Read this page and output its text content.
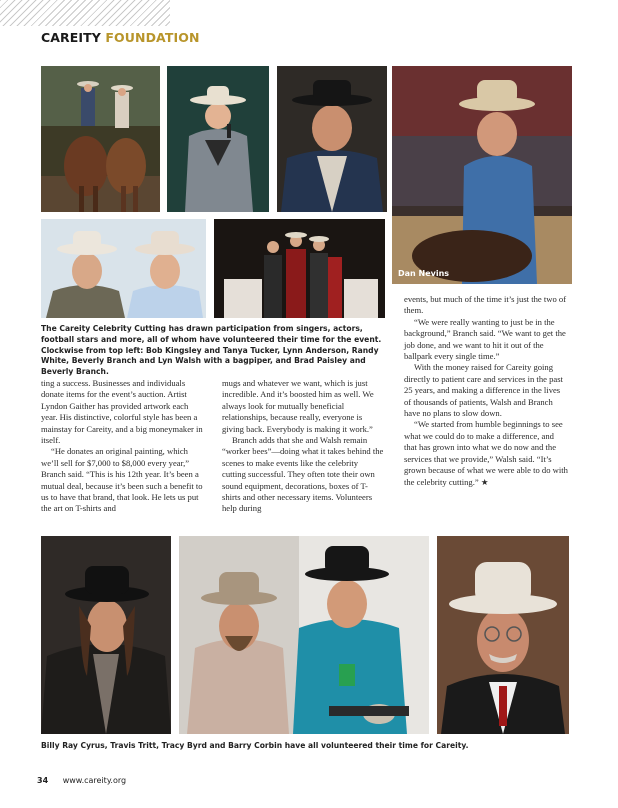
CAREITY FOUNDATION
Dan Nevins
The Careity Celebrity Cutting has drawn participation from singers, actors, football stars and more, all of whom have volunteered their time for the event. Clockwise from top left: Bob Kingsley and Tanya Tucker, Lynn Anderson, Randy White, Beverly Branch and Lyn Walsh with a bagpiper, and Brad Paisley and Beverly Branch.

ting a success. Businesses and individuals donate items for the event’s auction. Artist Lyndon Gaither has provided artwork each year. His distinctive, colorful style has been a mainstay for Careity, and a big moneymaker in itself.

“He donates an original painting, which we’ll sell for $7,000 to $8,000 every year,” Branch said. “This is his 12th year. It’s been a mutual deal, because it’s been such a benefit to us to have that brand, that look. He lets us put the art on T-shirts and

mugs and whatever we want, which is just incredible. And it’s boosted him as well. We always look for mutually beneficial relationships, because really, everyone is giving back. Everybody is making it work.”

Branch adds that she and Walsh remain “worker bees”—doing what it takes behind the scenes to make events like the celebrity cutting successful. They often tote their own sound equipment, decorations, boxes of T-shirts and other necessary items. Volunteers help during

events, but much of the time it’s just the two of them.

“We were really wanting to just be in the background,” Branch said. “We want to get the job done, and we want to hit it out of the ballpark every single time.”

With the money raised for Careity going directly to patient care and services in the past 25 years, and making a difference in the lives of thousands of patients, Walsh and Branch have no plans to slow down.

“We started from humble beginnings to see what we could do to make a difference, and that has grown into what we do now and the services that we provide,” Walsh said. “It’s grown because of what we were able to do with the celebrity cutting.” ★

Billy Ray Cyrus, Travis Tritt, Tracy Byrd and Barry Corbin have all volunteered their time for Careity.
34 www.careity.org
